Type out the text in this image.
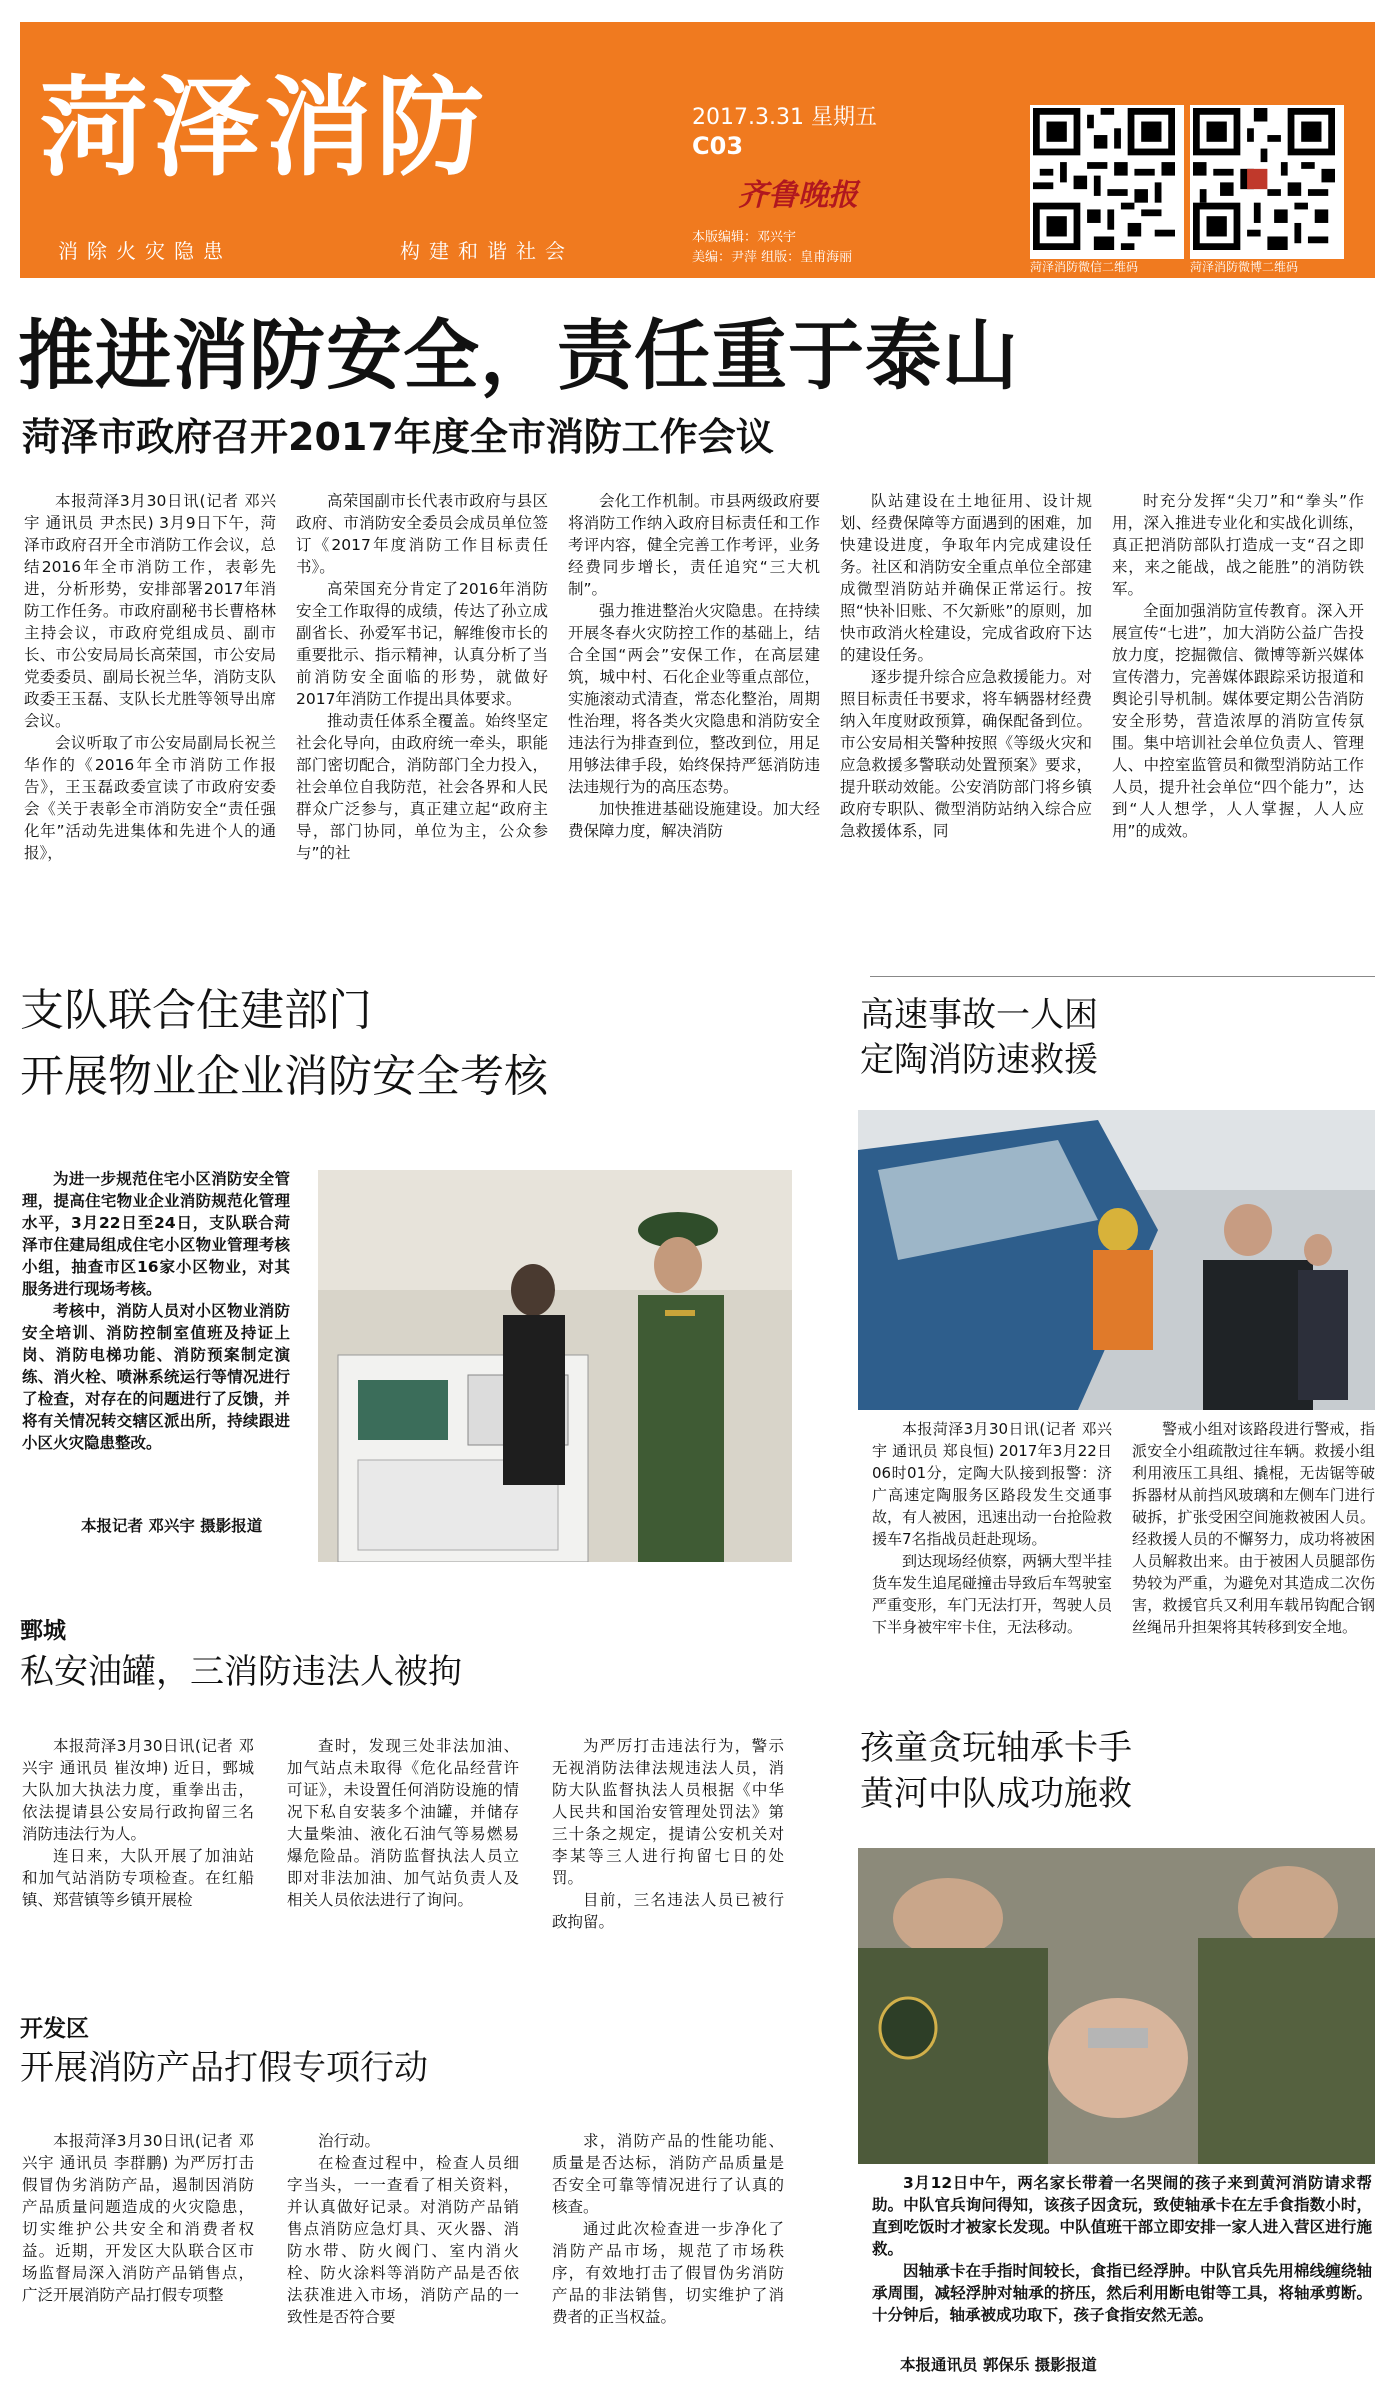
菏泽消防
消除火灾隐患	构建和谐社会
2017.3.31 星期五
C03
齐鲁晚报
本版编辑：邓兴宇
美编：尹萍 组版：皇甫海丽
菏泽消防微信二维码	菏泽消防微博二维码
推进消防安全，责任重于泰山
菏泽市政府召开2017年度全市消防工作会议

本报菏泽3月30日讯(记者 邓兴宇 通讯员 尹杰民) 3月9日下午，菏泽市政府召开全市消防工作会议，总结2016年全市消防工作，表彰先进，分析形势，安排部署2017年消防工作任务。市政府副秘书长曹格林主持会议，市政府党组成员、副市长、市公安局局长高荣国，市公安局党委委员、副局长祝兰华，消防支队政委王玉磊、支队长尤胜等领导出席会议。

会议听取了市公安局副局长祝兰华作的《2016年全市消防工作报告》，王玉磊政委宣读了市政府安委会《关于表彰全市消防安全“责任强化年”活动先进集体和先进个人的通报》，

高荣国副市长代表市政府与县区政府、市消防安全委员会成员单位签订《2017年度消防工作目标责任书》。

高荣国充分肯定了2016年消防安全工作取得的成绩，传达了孙立成副省长、孙爱军书记，解维俊市长的重要批示、指示精神，认真分析了当前消防安全面临的形势，就做好2017年消防工作提出具体要求。

推动责任体系全覆盖。始终坚定社会化导向，由政府统一牵头，职能部门密切配合，消防部门全力投入，社会单位自我防范，社会各界和人民群众广泛参与，真正建立起“政府主导，部门协同，单位为主，公众参与”的社

会化工作机制。市县两级政府要将消防工作纳入政府目标责任和工作考评内容，健全完善工作考评，业务经费同步增长，责任追究“三大机制”。

强力推进整治火灾隐患。在持续开展冬春火灾防控工作的基础上，结合全国“两会”安保工作，在高层建筑，城中村、石化企业等重点部位，实施滚动式清查，常态化整治，周期性治理，将各类火灾隐患和消防安全违法行为排查到位，整改到位，用足用够法律手段，始终保持严惩消防违法违规行为的高压态势。

加快推进基础设施建设。加大经费保障力度，解决消防

队站建设在土地征用、设计规划、经费保障等方面遇到的困难，加快建设进度，争取年内完成建设任务。社区和消防安全重点单位全部建成微型消防站并确保正常运行。按照“快补旧账、不欠新账”的原则，加快市政消火栓建设，完成省政府下达的建设任务。

逐步提升综合应急救援能力。对照目标责任书要求，将车辆器材经费纳入年度财政预算，确保配备到位。市公安局相关警种按照《等级火灾和应急救援多警联动处置预案》要求，提升联动效能。公安消防部门将乡镇政府专职队、微型消防站纳入综合应急救援体系，同

时充分发挥“尖刀”和“拳头”作用，深入推进专业化和实战化训练，真正把消防部队打造成一支“召之即来，来之能战，战之能胜”的消防铁军。

全面加强消防宣传教育。深入开展宣传“七进”，加大消防公益广告投放力度，挖掘微信、微博等新兴媒体宣传潜力，完善媒体跟踪采访报道和舆论引导机制。媒体要定期公告消防安全形势，营造浓厚的消防宣传氛围。集中培训社会单位负责人、管理人、中控室监管员和微型消防站工作人员，提升社会单位“四个能力”，达到“人人想学，人人掌握，人人应用”的成效。

支队联合住建部门
开展物业企业消防安全考核

为进一步规范住宅小区消防安全管理，提高住宅物业企业消防规范化管理水平，3月22日至24日，支队联合菏泽市住建局组成住宅小区物业管理考核小组，抽查市区16家小区物业，对其服务进行现场考核。

考核中，消防人员对小区物业消防安全培训、消防控制室值班及持证上岗、消防电梯功能、消防预案制定演练、消火栓、喷淋系统运行等情况进行了检查，对存在的问题进行了反馈，并将有关情况转交辖区派出所，持续跟进小区火灾隐患整改。

本报记者 邓兴宇 摄影报道

鄄城
私安油罐，三消防违法人被拘

本报菏泽3月30日讯(记者 邓兴宇 通讯员 崔汝坤) 近日，鄄城大队加大执法力度，重拳出击，依法提请县公安局行政拘留三名消防违法行为人。

连日来，大队开展了加油站和加气站消防专项检查。在红船镇、郑营镇等乡镇开展检

查时，发现三处非法加油、加气站点未取得《危化品经营许可证》，未设置任何消防设施的情况下私自安装多个油罐，并储存大量柴油、液化石油气等易燃易爆危险品。消防监督执法人员立即对非法加油、加气站负责人及相关人员依法进行了询问。

为严厉打击违法行为，警示无视消防法律法规违法人员，消防大队监督执法人员根据《中华人民共和国治安管理处罚法》第三十条之规定，提请公安机关对李某等三人进行拘留七日的处罚。

目前，三名违法人员已被行政拘留。

开发区
开展消防产品打假专项行动

本报菏泽3月30日讯(记者 邓兴宇 通讯员 李群鹏) 为严厉打击假冒伪劣消防产品，遏制因消防产品质量问题造成的火灾隐患，切实维护公共安全和消费者权益。近期，开发区大队联合区市场监督局深入消防产品销售点，广泛开展消防产品打假专项整

治行动。

在检查过程中，检查人员细字当头，一一查看了相关资料，并认真做好记录。对消防产品销售点消防应急灯具、灭火器、消防水带、防火阀门、室内消火栓、防火涂料等消防产品是否依法获准进入市场，消防产品的一致性是否符合要

求，消防产品的性能功能、质量是否达标，消防产品质量是否安全可靠等情况进行了认真的核查。

通过此次检查进一步净化了消防产品市场，规范了市场秩序，有效地打击了假冒伪劣消防产品的非法销售，切实维护了消费者的正当权益。

高速事故一人困
定陶消防速救援

本报菏泽3月30日讯(记者 邓兴宇 通讯员 郑良恒) 2017年3月22日06时01分，定陶大队接到报警：济广高速定陶服务区路段发生交通事故，有人被困，迅速出动一台抢险救援车7名指战员赶赴现场。

到达现场经侦察，两辆大型半挂货车发生追尾碰撞击导致后车驾驶室严重变形，车门无法打开，驾驶人员下半身被牢牢卡住，无法移动。

警戒小组对该路段进行警戒，指派安全小组疏散过往车辆。救援小组利用液压工具组、撬棍，无齿锯等破拆器材从前挡风玻璃和左侧车门进行破拆，扩张受困空间施救被困人员。经救援人员的不懈努力，成功将被困人员解救出来。由于被困人员腿部伤势较为严重，为避免对其造成二次伤害，救援官兵又利用车载吊钩配合钢丝绳吊升担架将其转移到安全地。

孩童贪玩轴承卡手
黄河中队成功施救

3月12日中午，两名家长带着一名哭闹的孩子来到黄河消防请求帮助。中队官兵询问得知，该孩子因贪玩，致使轴承卡在左手食指数小时，直到吃饭时才被家长发现。中队值班干部立即安排一家人进入营区进行施救。

因轴承卡在手指时间较长，食指已经浮肿。中队官兵先用棉线缠绕轴承周围，减轻浮肿对轴承的挤压，然后利用断电钳等工具，将轴承剪断。十分钟后，轴承被成功取下，孩子食指安然无恙。

本报通讯员 郭保乐 摄影报道
